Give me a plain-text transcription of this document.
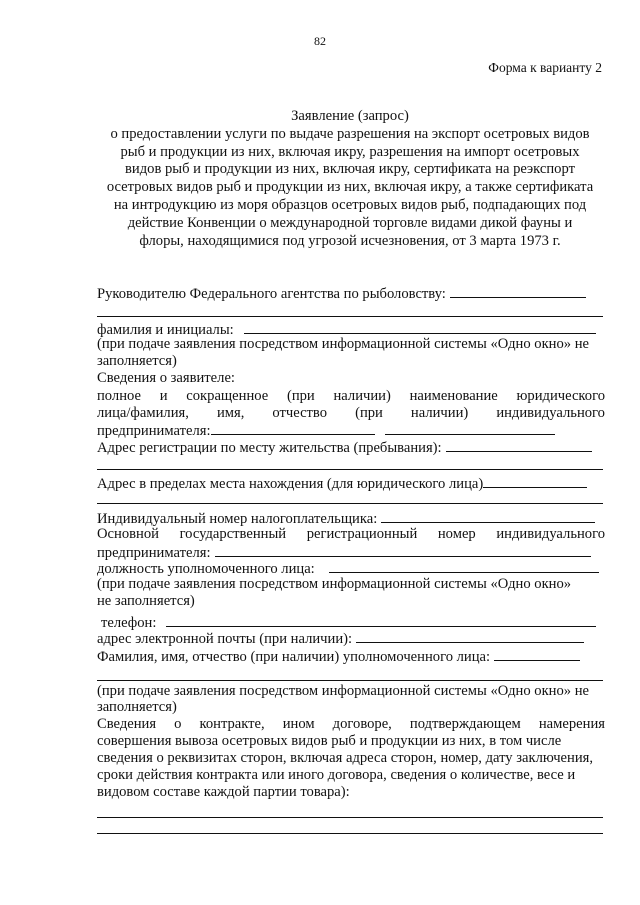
82
Форма к варианту 2
Заявление (запрос)
о предоставлении услуги по выдаче разрешения на экспорт осетровых видов
рыб и продукции из них, включая икру, разрешения на импорт осетровых
видов рыб и продукции из них, включая икру, сертификата на реэкспорт
осетровых видов рыб и продукции из них, включая икру, а также сертификата
на интродукцию из моря образцов осетровых видов рыб, подпадающих под
действие Конвенции о международной торговле видами дикой фауны и
флоры, находящимися под угрозой исчезновения, от 3 марта 1973 г.
Руководителю Федерального агентства по рыболовству:
фамилия и инициалы:
(при подаче заявления посредством информационной системы «Одно окно» не
заполняется)
Сведения о заявителе:
полное и сокращенное (при наличии) наименование юридического
лица/фамилия, имя, отчество (при наличии) индивидуального
предпринимателя:
Адрес регистрации по месту жительства (пребывания):
Адрес в пределах места нахождения (для юридического лица)
Индивидуальный номер налогоплательщика:
Основной государственный регистрационный номер индивидуального
предпринимателя:
должность уполномоченного лица:
(при подаче заявления посредством информационной системы «Одно окно»
не заполняется)
телефон:
адрес электронной почты (при наличии):
Фамилия, имя, отчество (при наличии) уполномоченного лица:
(при подаче заявления посредством информационной системы «Одно окно» не
заполняется)
Сведения о контракте, ином договоре, подтверждающем намерения
совершения вывоза осетровых видов рыб и продукции из них, в том числе
сведения о реквизитах сторон, включая адреса сторон, номер, дату заключения,
сроки действия контракта или иного договора, сведения о количестве, весе и
видовом составе каждой партии товара):
